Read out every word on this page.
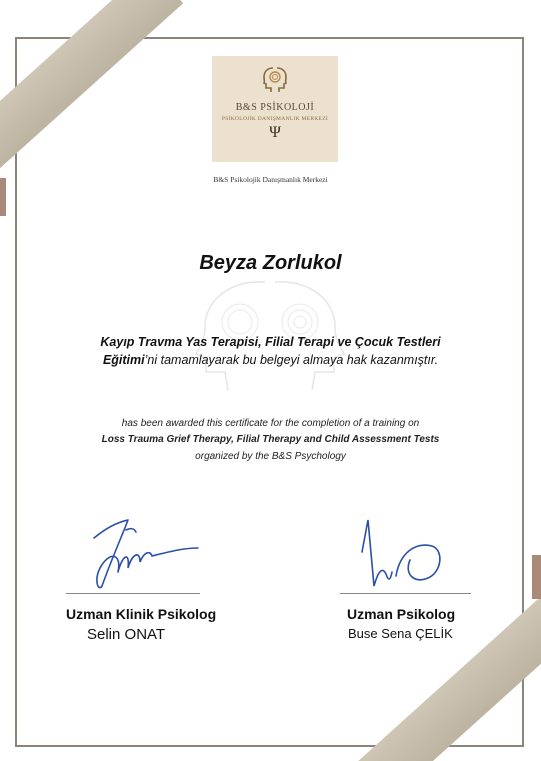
B&S PSİKOLOJİ
PSİKOLOJİK DANIŞMANLIK MERKEZİ
Ψ
B&S Psikolojik Danışmanlık Merkezi
Beyza Zorlukol
Kayıp Travma Yas Terapisi, Filial Terapi ve Çocuk Testleri
Eğitimi’ni tamamlayarak bu belgeyi almaya hak kazanmıştır.
has been awarded this certificate for the completion of a training on
Loss Trauma Grief Therapy, Filial Therapy and Child Assessment Tests
organized by the B&S Psychology
Uzman Klinik Psikolog
Selin ONAT
Uzman Psikolog
Buse Sena ÇELİK
